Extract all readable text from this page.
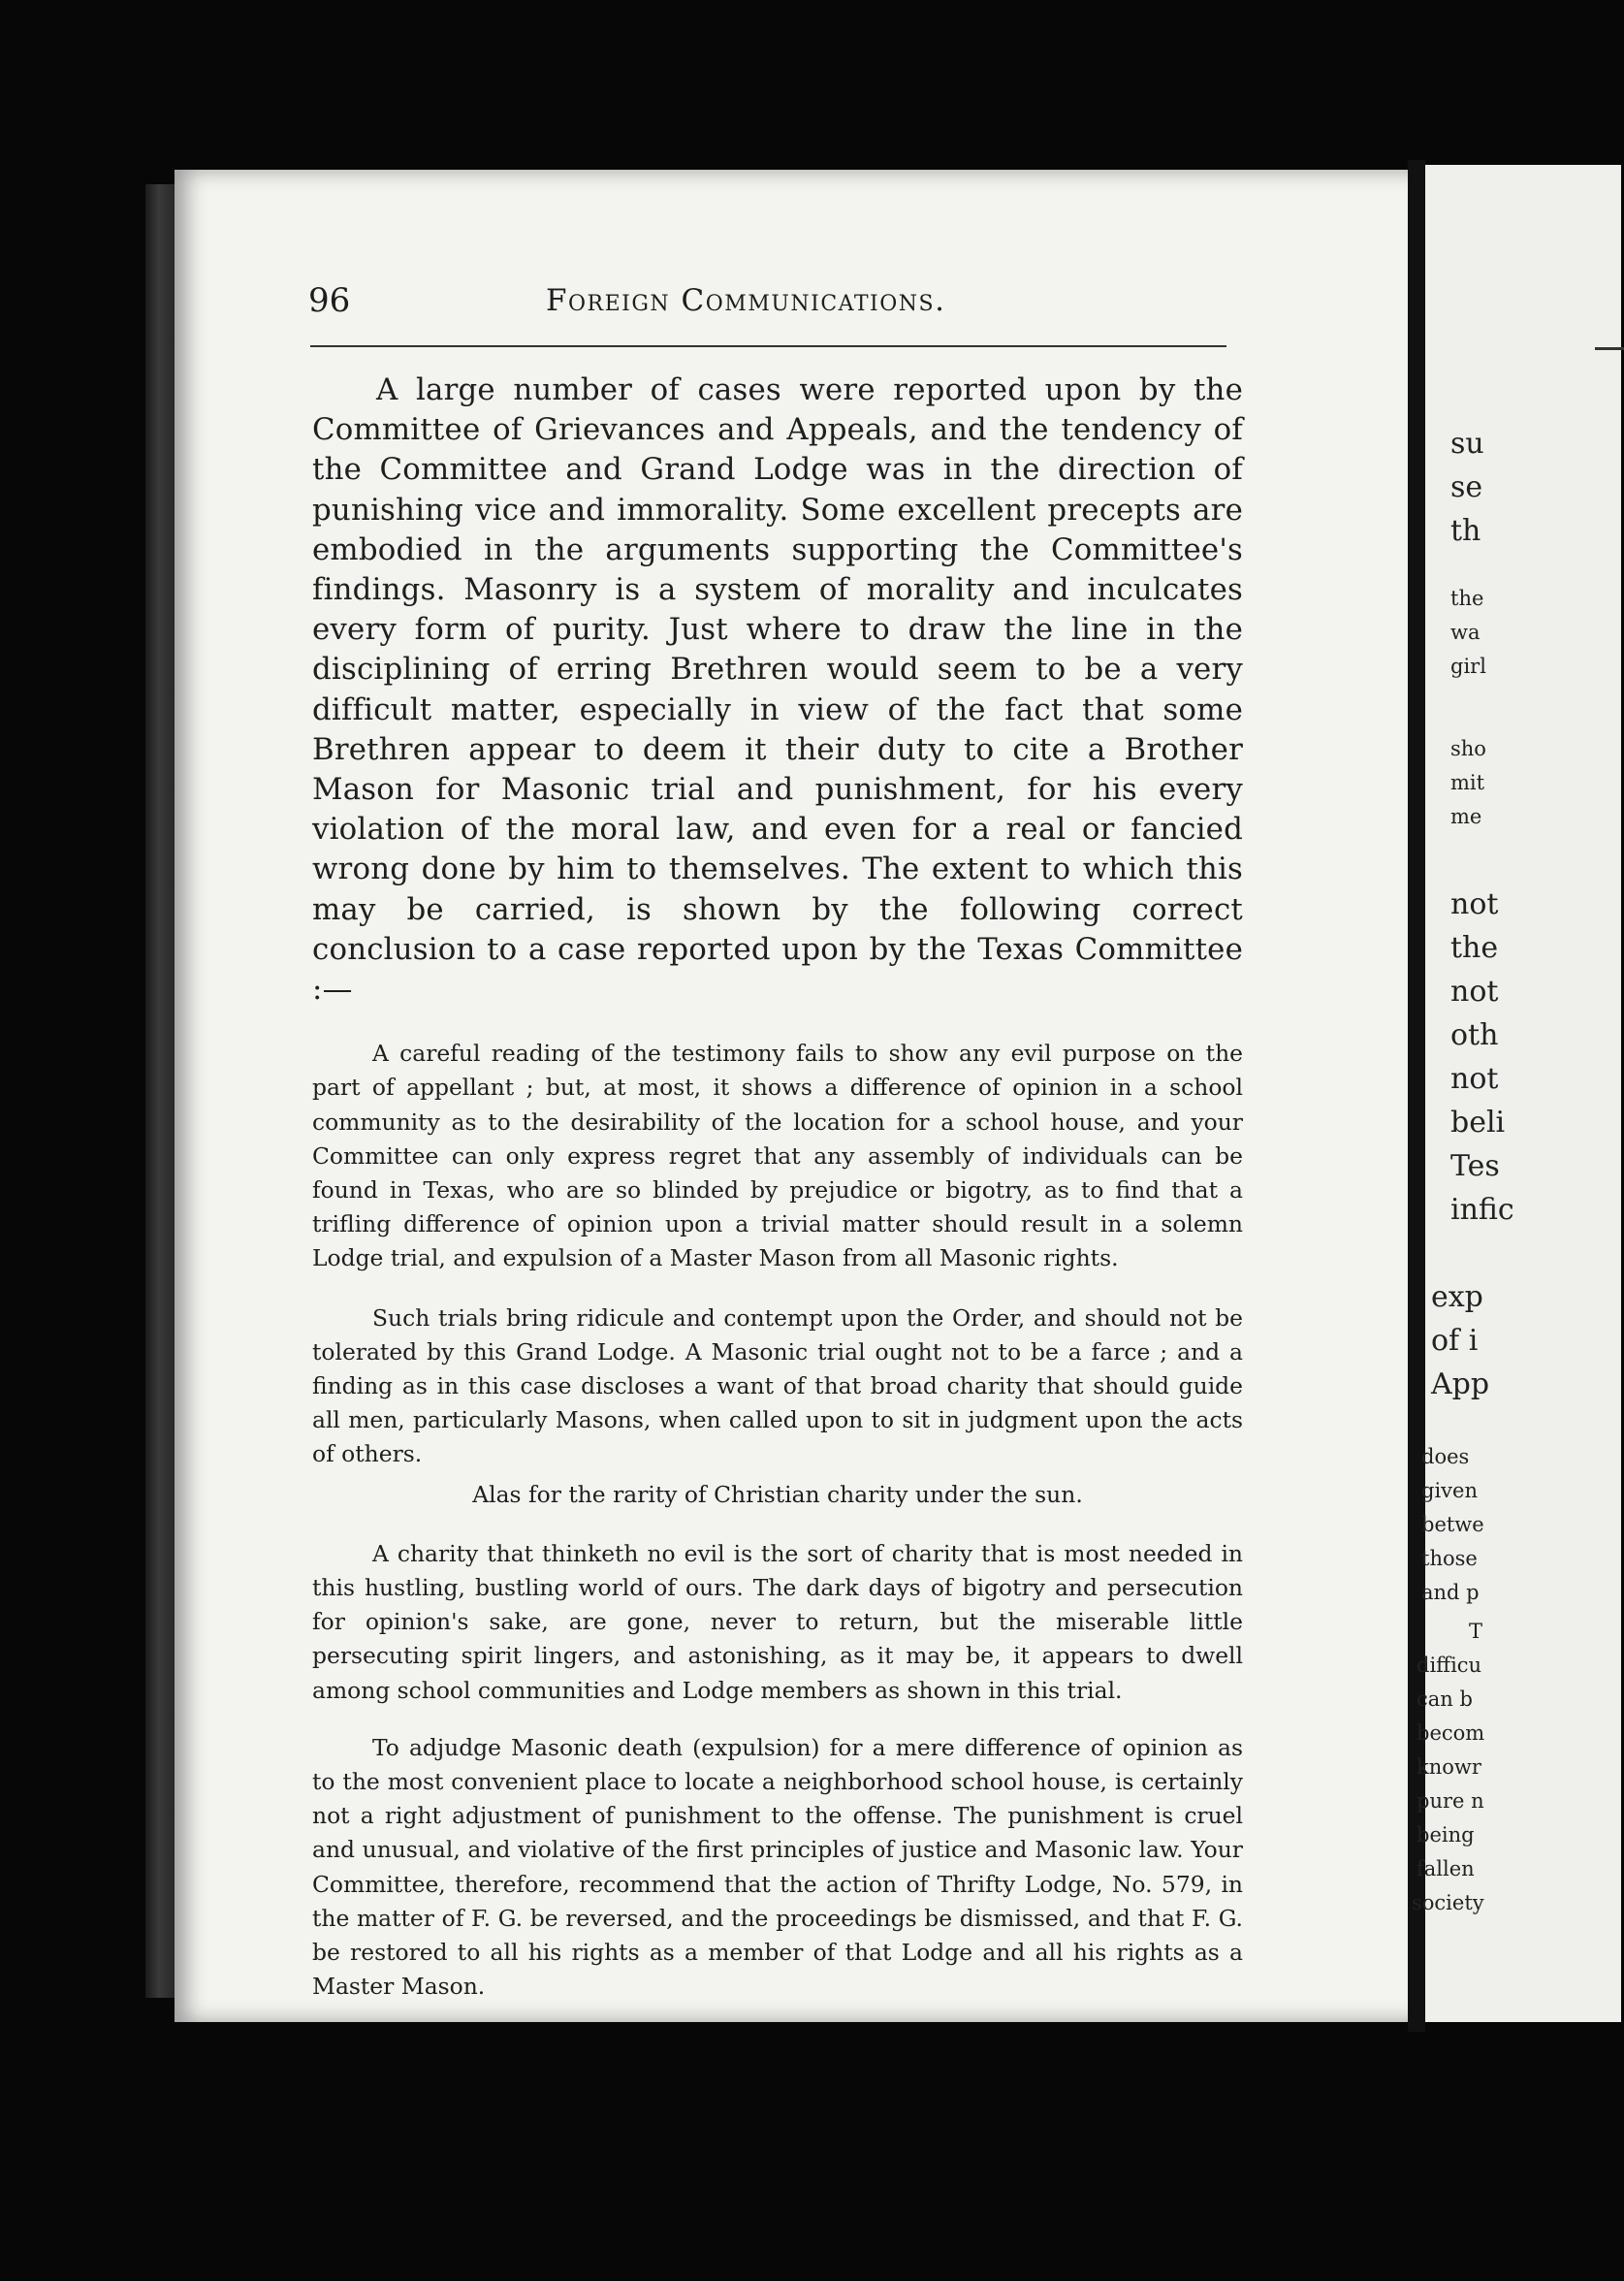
96	Foreign Communications.

A large number of cases were reported upon by the Committee of Grievances and Appeals, and the tendency of the Committee and Grand Lodge was in the direction of punishing vice and immorality. Some excellent precepts are embodied in the arguments supporting the Committee's findings. Masonry is a system of morality and inculcates every form of purity. Just where to draw the line in the disciplining of erring Brethren would seem to be a very difficult matter, especially in view of the fact that some Brethren appear to deem it their duty to cite a Brother Mason for Masonic trial and punishment, for his every violation of the moral law, and even for a real or fancied wrong done by him to themselves. The extent to which this may be carried, is shown by the following correct conclusion to a case reported upon by the Texas Committee :—

A careful reading of the testimony fails to show any evil purpose on the part of appellant ; but, at most, it shows a difference of opinion in a school community as to the desirability of the location for a school house, and your Committee can only express regret that any assembly of individuals can be found in Texas, who are so blinded by prejudice or bigotry, as to find that a trifling difference of opinion upon a trivial matter should result in a solemn Lodge trial, and expulsion of a Master Mason from all Masonic rights.

Such trials bring ridicule and contempt upon the Order, and should not be tolerated by this Grand Lodge. A Masonic trial ought not to be a farce ; and a finding as in this case discloses a want of that broad charity that should guide all men, particularly Masons, when called upon to sit in judgment upon the acts of others.

Alas for the rarity of Christian charity under the sun.

A charity that thinketh no evil is the sort of charity that is most needed in this hustling, bustling world of ours. The dark days of bigotry and persecution for opinion's sake, are gone, never to return, but the miserable little persecuting spirit lingers, and astonishing, as it may be, it appears to dwell among school communities and Lodge members as shown in this trial.

To adjudge Masonic death (expulsion) for a mere difference of opinion as to the most convenient place to locate a neighborhood school house, is certainly not a right adjustment of punishment to the offense. The punishment is cruel and unusual, and violative of the first principles of justice and Masonic law. Your Committee, therefore, recommend that the action of Thrifty Lodge, No. 579, in the matter of F. G. be reversed, and the proceedings be dismissed, and that F. G. be restored to all his rights as a member of that Lodge and all his rights as a Master Mason.

su
se
th
the
wa
girl
sho
mit
me
not
the
not
oth
not
beli
Tes
infic
exp
of i
App
does
given
betwe
those
and p
T
difficu
can b
becom
knowr
pure n
being
fallen
society
